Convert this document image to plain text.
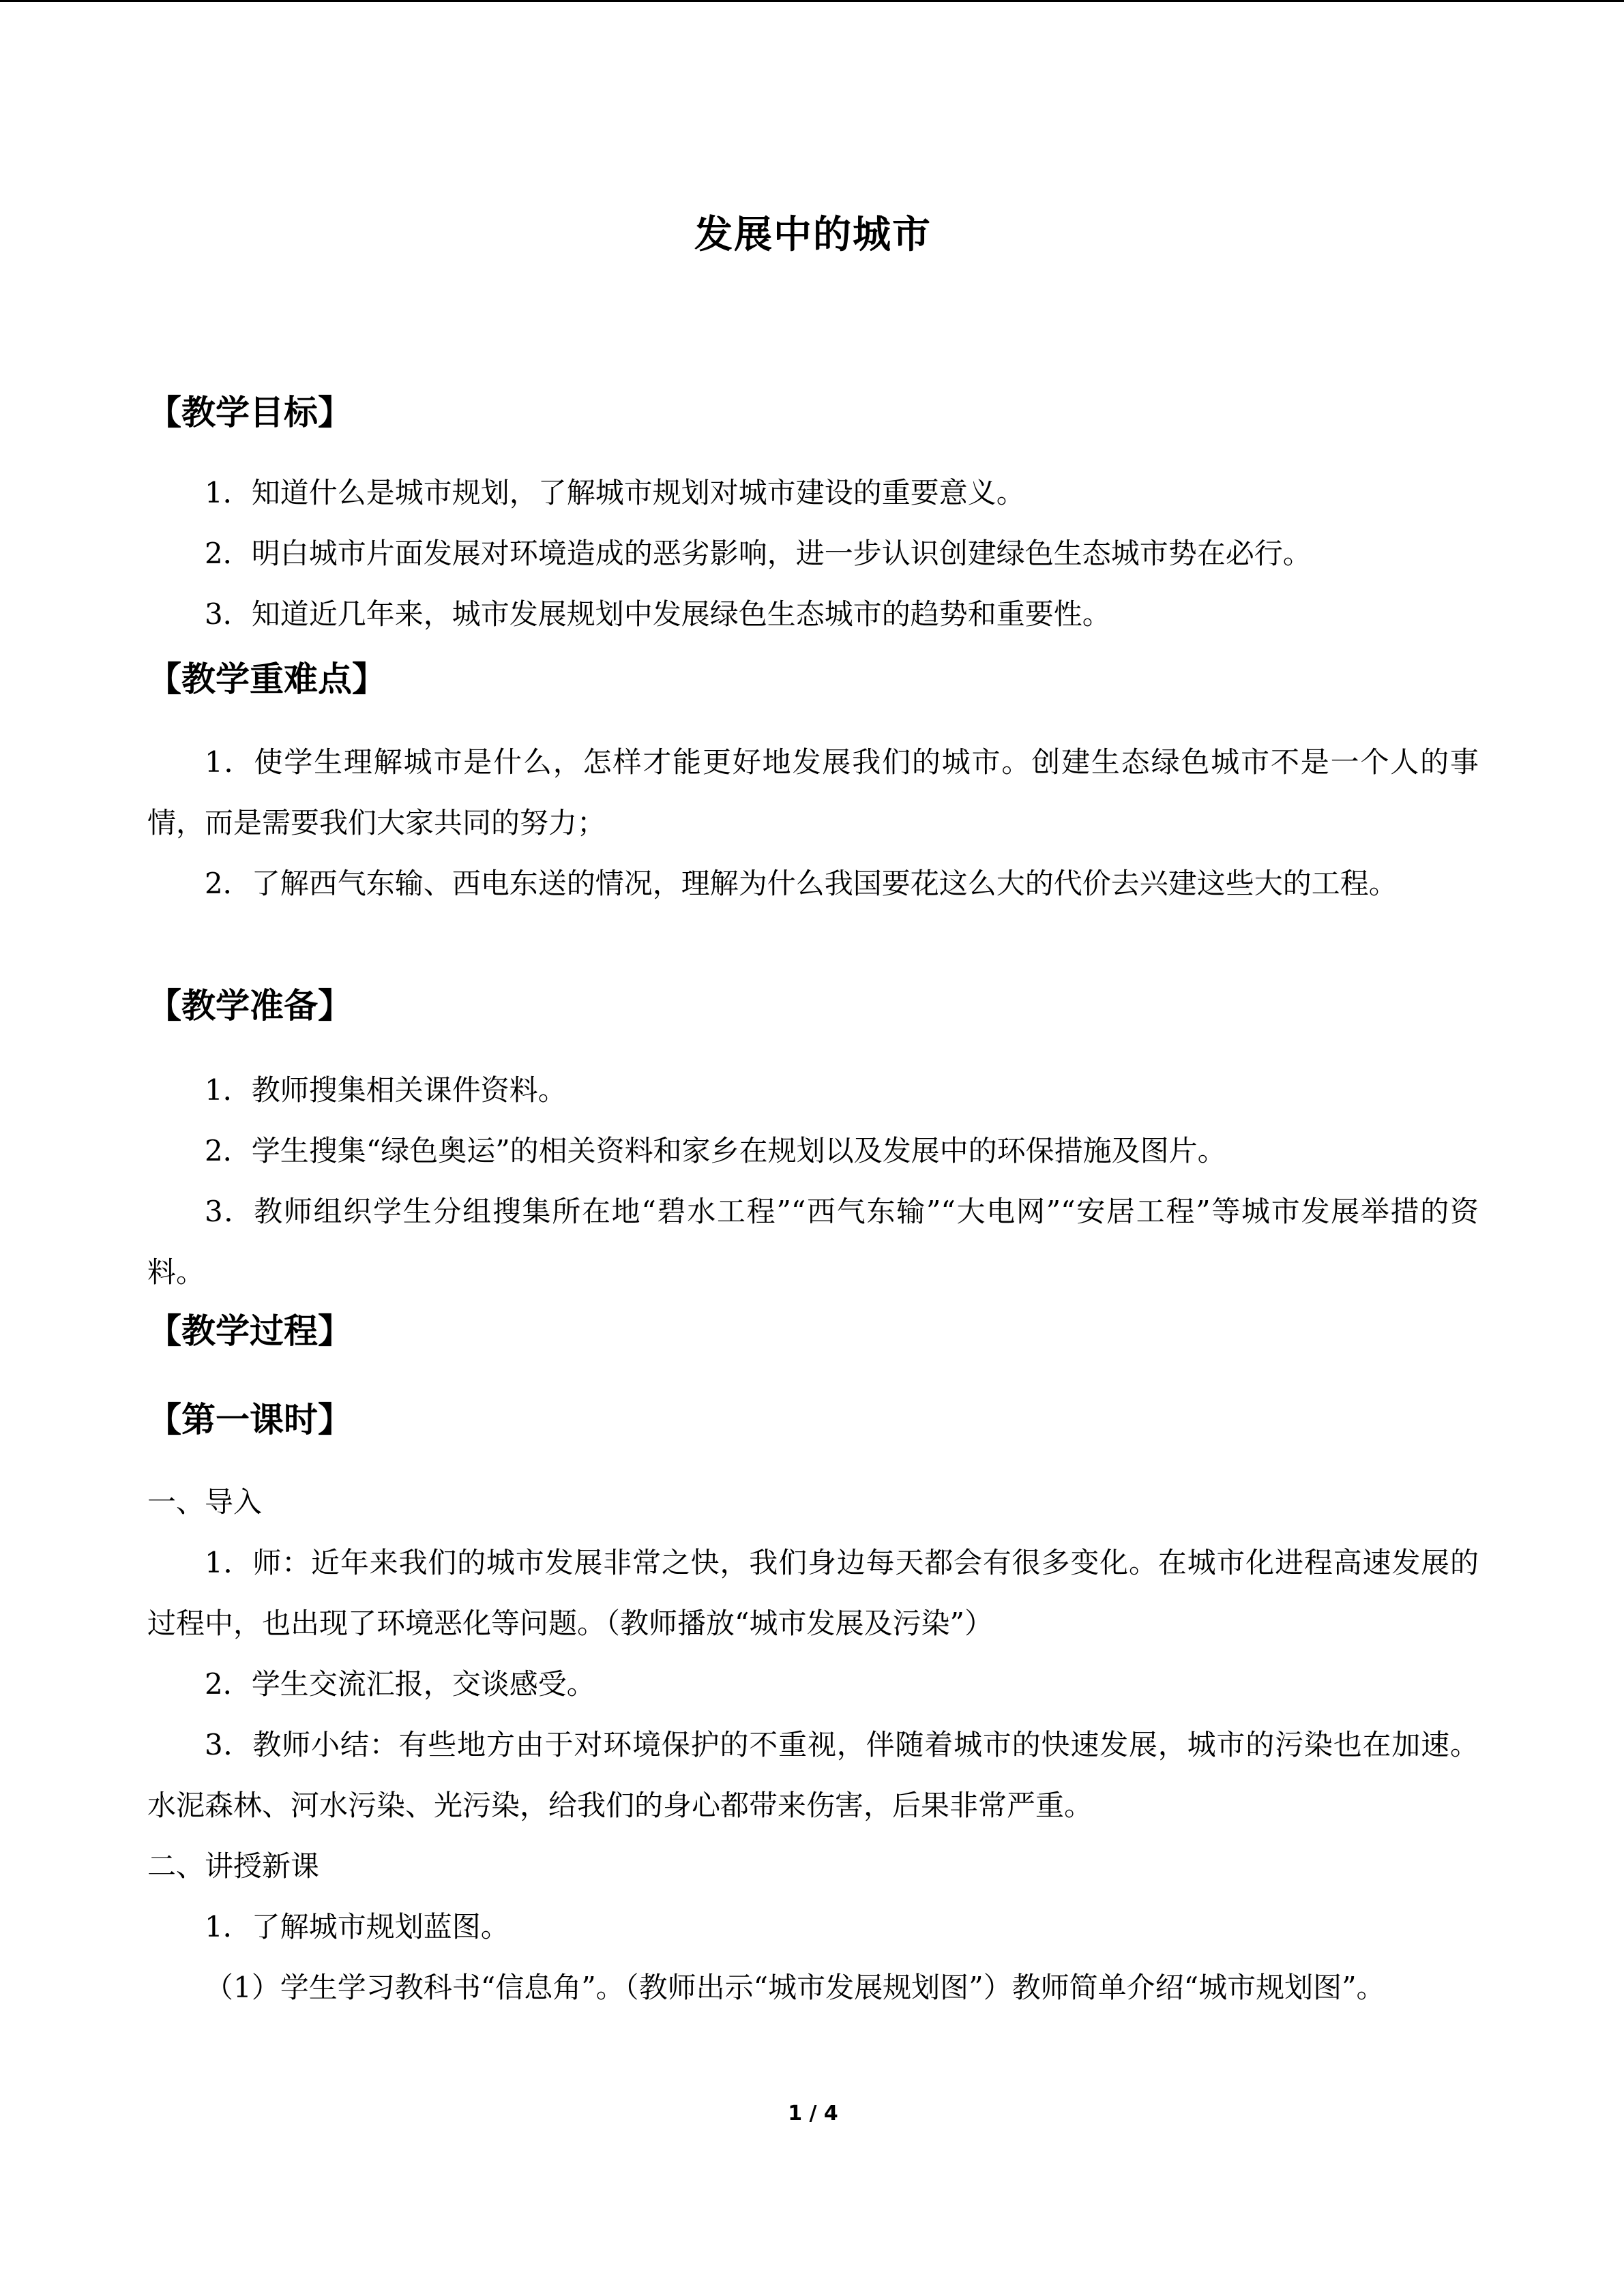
发展中的城市
【教学目标】
1．知道什么是城市规划，了解城市规划对城市建设的重要意义。
2．明白城市片面发展对环境造成的恶劣影响，进一步认识创建绿色生态城市势在必行。
3．知道近几年来，城市发展规划中发展绿色生态城市的趋势和重要性。
【教学重难点】
1．使学生理解城市是什么，怎样才能更好地发展我们的城市。创建生态绿色城市不是一个人的事情，而是需要我们大家共同的努力；
2．了解西气东输、西电东送的情况，理解为什么我国要花这么大的代价去兴建这些大的工程。
【教学准备】
1．教师搜集相关课件资料。
2．学生搜集“绿色奥运”的相关资料和家乡在规划以及发展中的环保措施及图片。
3．教师组织学生分组搜集所在地“碧水工程”“西气东输”“大电网”“安居工程”等城市发展举措的资料。
【教学过程】
【第一课时】
一、导入
1．师：近年来我们的城市发展非常之快，我们身边每天都会有很多变化。在城市化进程高速发展的过程中，也出现了环境恶化等问题。（教师播放“城市发展及污染”）
2．学生交流汇报，交谈感受。
3．教师小结：有些地方由于对环境保护的不重视，伴随着城市的快速发展，城市的污染也在加速。水泥森林、河水污染、光污染，给我们的身心都带来伤害，后果非常严重。
二、讲授新课
1．了解城市规划蓝图。
（1）学生学习教科书“信息角”。（教师出示“城市发展规划图”）教师简单介绍“城市规划图”。
1 / 4
